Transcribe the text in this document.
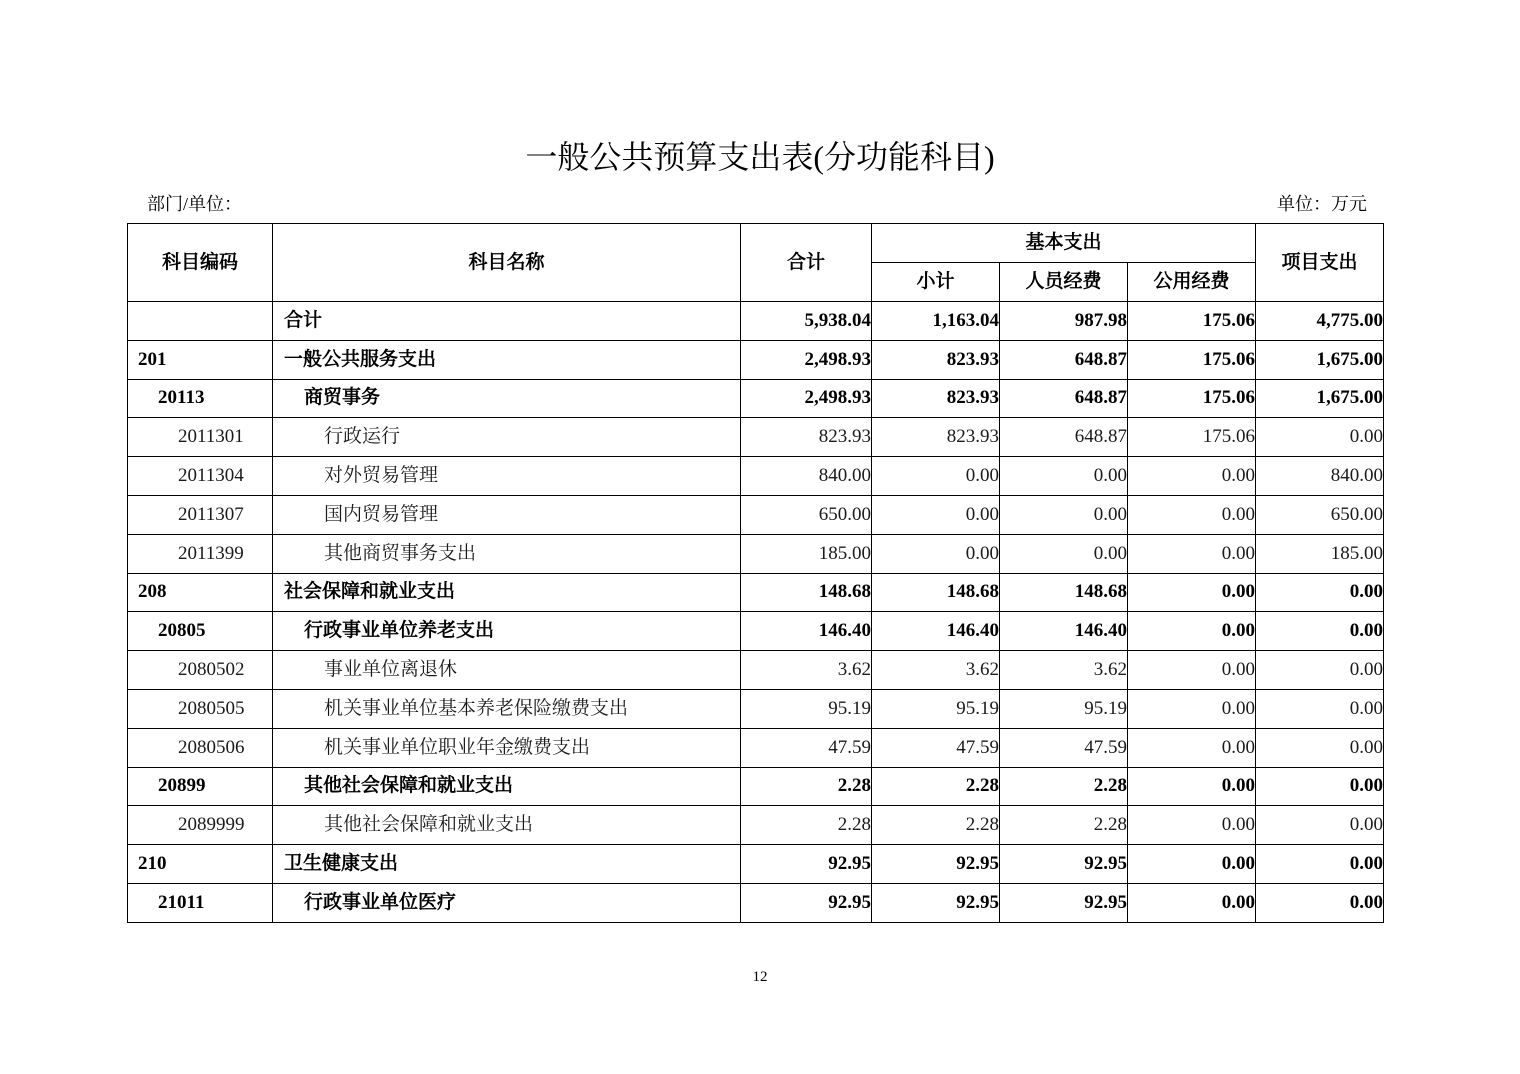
一般公共预算支出表(分功能科目)
部门/单位：	单位：万元
科目编码	科目名称	合计	基本支出			项目支出
			小计	人员经费	公用经费	
	合计	5,938.04	1,163.04	987.98	175.06	4,775.00
201	一般公共服务支出	2,498.93	823.93	648.87	175.06	1,675.00
20113	商贸事务	2,498.93	823.93	648.87	175.06	1,675.00
2011301	行政运行	823.93	823.93	648.87	175.06	0.00
2011304	对外贸易管理	840.00	0.00	0.00	0.00	840.00
2011307	国内贸易管理	650.00	0.00	0.00	0.00	650.00
2011399	其他商贸事务支出	185.00	0.00	0.00	0.00	185.00
208	社会保障和就业支出	148.68	148.68	148.68	0.00	0.00
20805	行政事业单位养老支出	146.40	146.40	146.40	0.00	0.00
2080502	事业单位离退休	3.62	3.62	3.62	0.00	0.00
2080505	机关事业单位基本养老保险缴费支出	95.19	95.19	95.19	0.00	0.00
2080506	机关事业单位职业年金缴费支出	47.59	47.59	47.59	0.00	0.00
20899	其他社会保障和就业支出	2.28	2.28	2.28	0.00	0.00
2089999	其他社会保障和就业支出	2.28	2.28	2.28	0.00	0.00
210	卫生健康支出	92.95	92.95	92.95	0.00	0.00
21011	行政事业单位医疗	92.95	92.95	92.95	0.00	0.00
12
